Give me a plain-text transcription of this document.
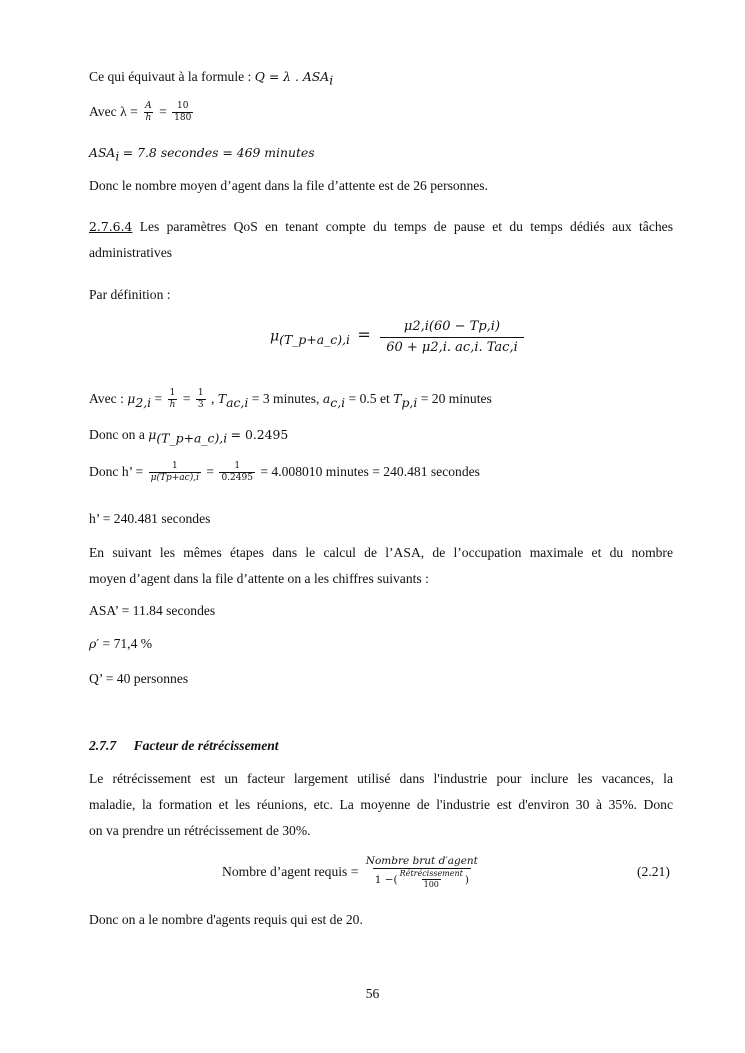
Ce qui équivaut à la formule : Q = λ . $ASA_i$
Avec $\lambda = \frac{A}{h} = \frac{10}{180}$
$ASA_i = 7.8$ secondes = 469 minutes
Donc le nombre moyen d’agent dans la file d’attente est de 26 personnes.
2.7.6.4 Les paramètres QoS en tenant compte du temps de pause et du temps dédiés aux tâches
administratives
Par définition :
$\mu_{(T\_p+a\_c),i} = \frac{\mu 2,i(60 - Tp,i)}{\text{60 + μ2,i. ac,i. Tac,i}}$
Avec : $\mu_{2,i} = \frac{1}{h} = \frac{1}{3}$ , $T_{ac,i} = 3$ minutes, $a_{c,i} = 0.5$ et $T_{p,i} = 20$ minutes
Donc on a $\mu_{(T\_p+a\_c),i} = 0.2495$
Donc h’ = $\frac{1}{\mu(Tp+ac),i} = \frac{1}{0.2495} = 4.008010$ minutes = 240.481 secondes
h’ = 240.481 secondes
En suivant les mêmes étapes dans le calcul de l’ASA, de l’occupation maximale et du nombre
moyen d’agent dans la file d’attente on a les chiffres suivants :
ASA’ = 11.84 secondes
ρ′ = 71,4 %
Q’ = 40 personnes
2.7.7 Facteur de rétrécissement
Le rétrécissement est un facteur largement utilisé dans l'industrie pour inclure les vacances, la
maladie, la formation et les réunions, etc. La moyenne de l'industrie est d'environ 30 à 35%. Donc
on va prendre un rétrécissement de 30%.
Nombre d’agent requis = $\frac{\text{Nombre brut d′agent}}{1 -( \frac{\text{Rétrécissement}}{100} )}$	(2.21)
Donc on a le nombre d'agents requis qui est de 20.
56
